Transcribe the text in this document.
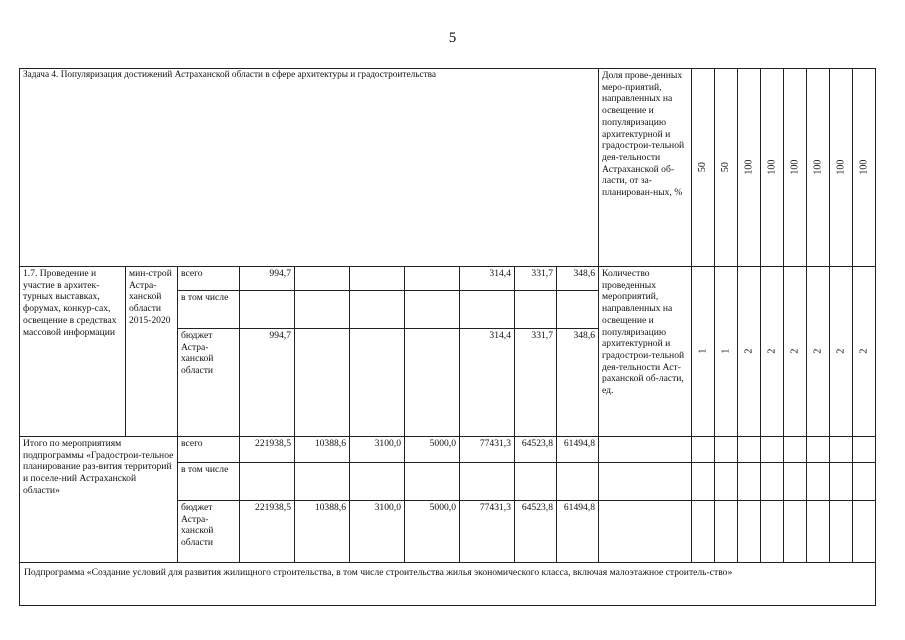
5
Задача 4. Популяризация достижений Астраханской области в сфере архитектуры и градостроительства										Доля прове-денных меро-приятий, направленных на освещение и популяризацию архитектурной и градострои-тельной дея-тельности Астраханской об-ласти, от за-планирован-ных, %	50	50	100	100	100	100	100	100
1.7. Проведение и участие в архитек-турных выставках, форумах, конкур-сах, освещение в средствах массовой информации	мин-строй Астра-ханской области 2015-2020	всего	994,7				314,4	331,7	348,6	Количество проведенных мероприятий, направленных на освещение и популяризацию архитектурной и градострои-тельной дея-тельности Аст-раханской об-ласти, ед.	1	1	2	2	2	2	2	2
		в том числе																
		бюджет Астра-ханской области	994,7				314,4	331,7	348,6									
Итого по мероприятиям подпрограммы «Градострои-тельное планирование раз-вития территорий и поселе-ний Астраханской области»		всего	221938,5	10388,6	3100,0	5000,0	77431,3	64523,8	61494,8									
		в том числе																
		бюджет Астра-ханской области	221938,5	10388,6	3100,0	5000,0	77431,3	64523,8	61494,8									
Подпрограмма «Создание условий для развития жилищного строительства, в том числе строительства жилья экономического класса, включая малоэтажное строитель-ство»																		
